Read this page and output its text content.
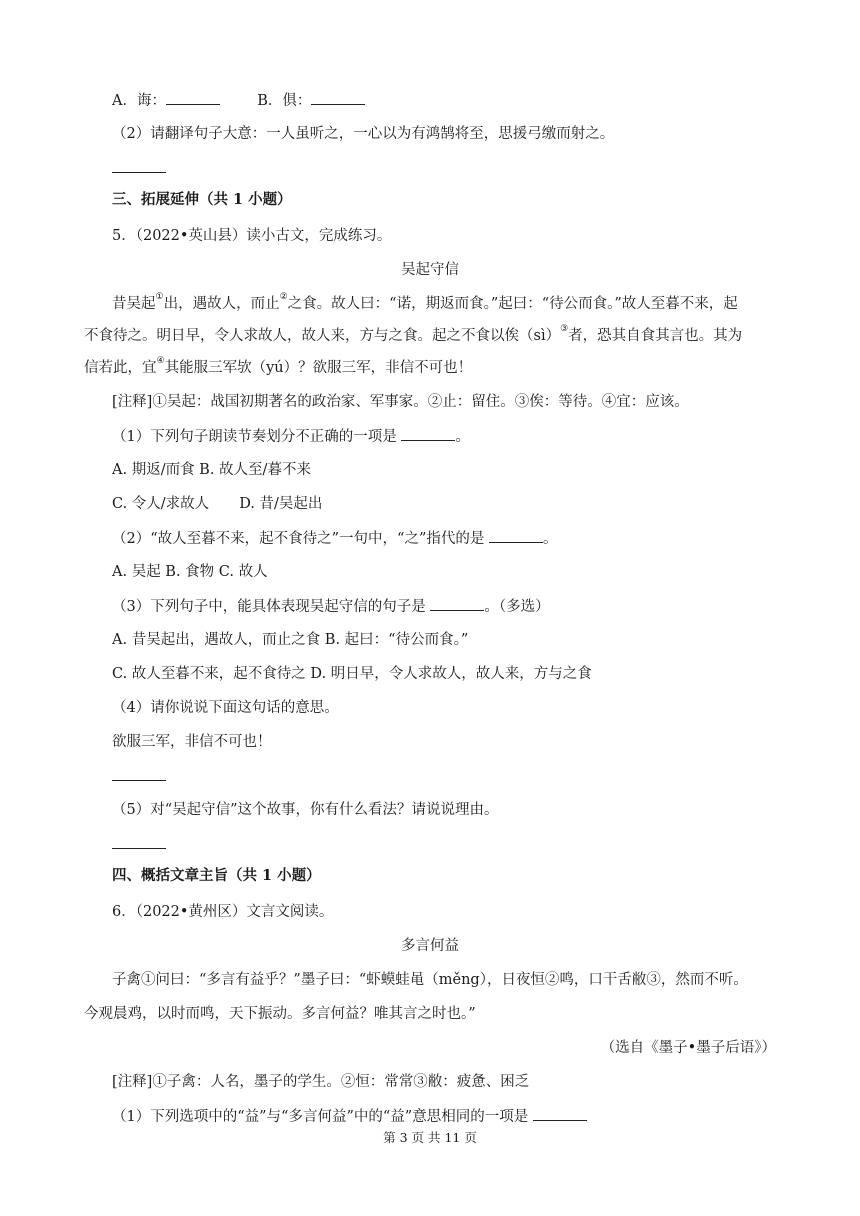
A．诲：	B．俱：
（2）请翻译句子大意：一人虽听之，一心以为有鸿鹄将至，思援弓缴而射之。
三、拓展延伸（共 1 小题）
5．（2022•英山县）读小古文，完成练习。
吴起守信
昔吴起①出，遇故人，而止②之食。故人曰：“诺，期返而食。”起曰：“待公而食。”故人至暮不来，起
不食待之。明日早，令人求故人，故人来，方与之食。起之不食以俟（sì）③者，恐其自食其言也。其为
信若此，宜④其能服三军欤（yú）？欲服三军，非信不可也！
[注释]①吴起：战国初期著名的政治家、军事家。②止：留住。③俟：等待。④宜：应该。
（1）下列句子朗读节奏划分不正确的一项是	。
A. 期返/而食 B. 故人至/暮不来
C. 令人/求故人 D. 昔/吴起出
（2）“故人至暮不来，起不食待之”一句中，“之”指代的是	。
A. 吴起 B. 食物 C. 故人
（3）下列句子中，能具体表现吴起守信的句子是	。（多选）
A. 昔吴起出，遇故人，而止之食 B. 起曰：“待公而食。”
C. 故人至暮不来，起不食待之 D. 明日早，令人求故人，故人来，方与之食
（4）请你说说下面这句话的意思。
欲服三军，非信不可也！
（5）对“吴起守信”这个故事，你有什么看法？请说说理由。
四、概括文章主旨（共 1 小题）
6．（2022•黄州区）文言文阅读。
多言何益
子禽①问曰：“多言有益乎？”墨子曰：“虾蟆蛙黾（měng），日夜恒②鸣，口干舌敝③，然而不听。
今观晨鸡，以时而鸣，天下振动。多言何益？唯其言之时也。”
（选自《墨子•墨子后语》）
[注释]①子禽：人名，墨子的学生。②恒：常常③敝：疲惫、困乏
（1）下列选项中的“益”与“多言何益”中的“益”意思相同的一项是
第 3 页 共 11 页
